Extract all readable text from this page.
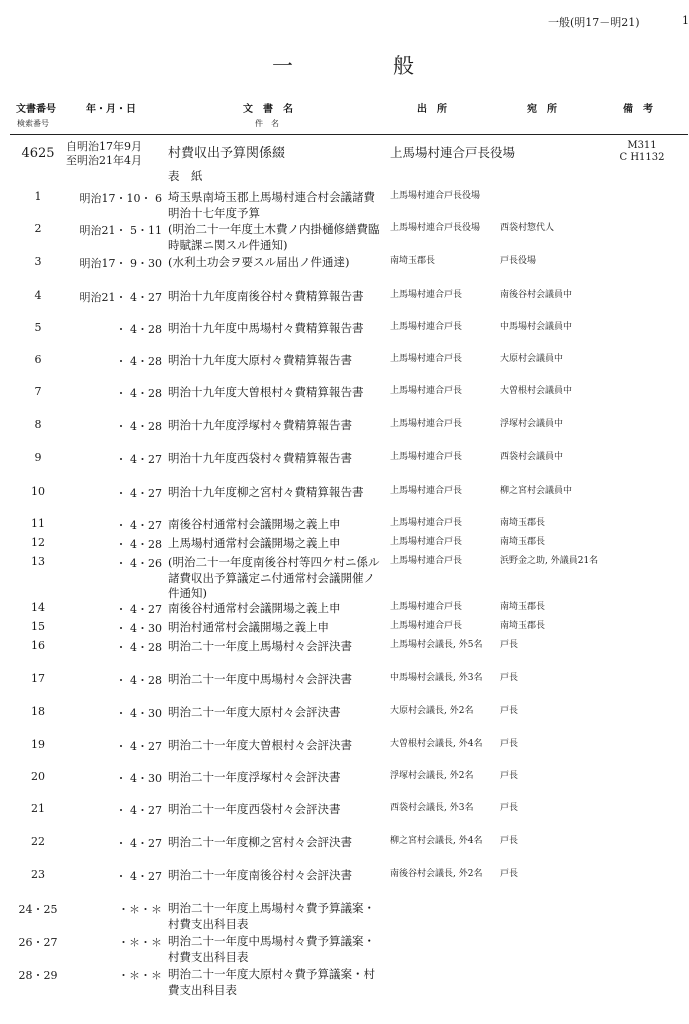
一般(明17－明21)	1
一	般
文書番号
検索番号
年・月・日	文　書　名
件　名
出　所	宛　所	備　考
4625	自明治17年9月
至明治21年4月	村費収出予算関係綴	上馬場村連合戸長役場	M311
C H1132
表　紙
1	明治17・10・ 6 埼玉県南埼玉郡上馬場村連合村会議諸費明治十七年度予算
上馬場村連合戸長役場
2	明治21・ 5・11 (明治二十一年度土木費ノ内掛樋修繕費臨時賦課ニ関スル件通知)
上馬場村連合戸長役場	西袋村惣代人
3	明治17・ 9・30 (水利土功会ヲ要スル届出ノ件通達)	南埼玉郡長	戸長役場
4	明治21・ 4・27 明治十九年度南後谷村々費精算報告書	上馬場村連合戸長	南後谷村会議員中
5	・ 4・28 明治十九年度中馬場村々費精算報告書	上馬場村連合戸長	中馬場村会議員中
6	・ 4・28 明治十九年度大原村々費精算報告書	上馬場村連合戸長	大原村会議員中
7	・ 4・28 明治十九年度大曽根村々費精算報告書	上馬場村連合戸長	大曽根村会議員中
8	・ 4・28 明治十九年度浮塚村々費精算報告書	上馬場村連合戸長	浮塚村会議員中
9	・ 4・27 明治十九年度西袋村々費精算報告書	上馬場村連合戸長	西袋村会議員中
10	・ 4・27 明治十九年度柳之宮村々費精算報告書	上馬場村連合戸長	柳之宮村会議員中
11	・ 4・27 南後谷村通常村会議開場之義上申	上馬場村連合戸長	南埼玉郡長
12	・ 4・28 上馬場村通常村会議開場之義上申	上馬場村連合戸長	南埼玉郡長
13	・ 4・26 (明治二十一年度南後谷村等四ケ村ニ係ル諸費収出予算議定ニ付通常村会議開催ノ件通知)
上馬場村連合戸長	浜野金之助, 外議員21名
14	・ 4・27 南後谷村通常村会議開場之義上申	上馬場村連合戸長	南埼玉郡長
15	・ 4・30 明治村通常村会議開場之義上申	上馬場村連合戸長	南埼玉郡長
16	・ 4・28 明治二十一年度上馬場村々会評決書	上馬場村会議長, 外5名	戸長
17	・ 4・28 明治二十一年度中馬場村々会評決書	中馬場村会議長, 外3名	戸長
18	・ 4・30 明治二十一年度大原村々会評決書	大原村会議長, 外2名	戸長
19	・ 4・27 明治二十一年度大曽根村々会評決書	大曽根村会議長, 外4名	戸長
20	・ 4・30 明治二十一年度浮塚村々会評決書	浮塚村会議長, 外2名	戸長
21	・ 4・27 明治二十一年度西袋村々会評決書	西袋村会議長, 外3名	戸長
22	・ 4・27 明治二十一年度柳之宮村々会評決書	柳之宮村会議長, 外4名	戸長
23	・ 4・27 明治二十一年度南後谷村々会評決書	南後谷村会議長, 外2名	戸長
24・25	・＊・＊ 明治二十一年度上馬場村々費予算議案・村費支出科目表
26・27	・＊・＊ 明治二十一年度中馬場村々費予算議案・村費支出科目表
28・29	・＊・＊ 明治二十一年度大原村々費予算議案・村費支出科目表
